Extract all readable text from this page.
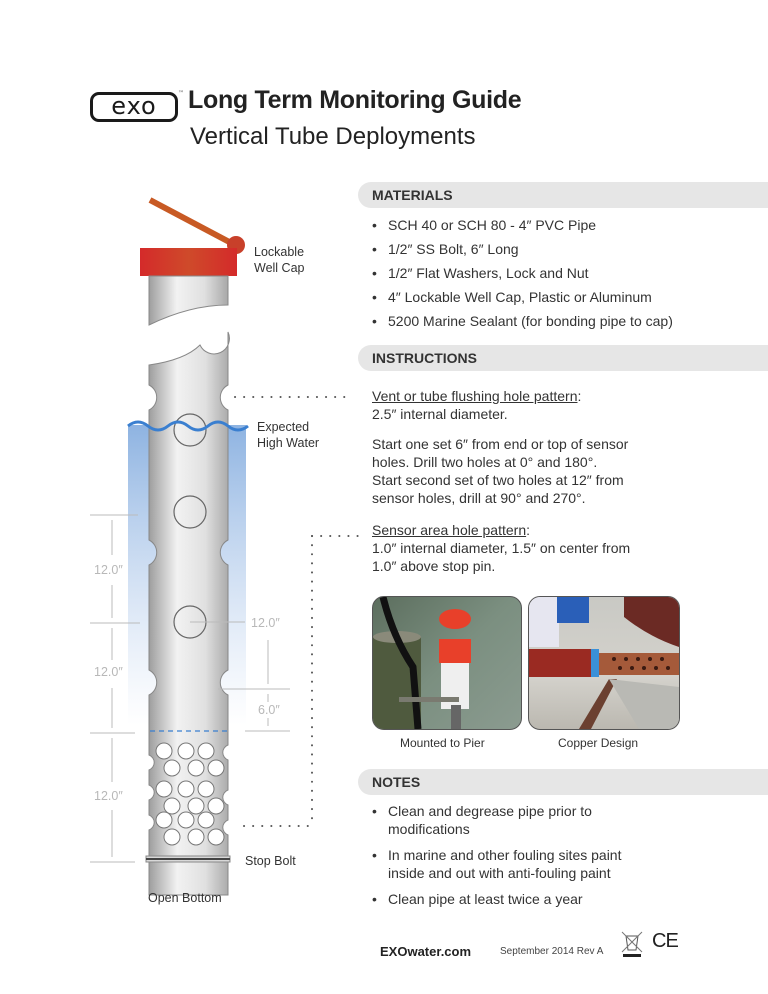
exo	™ Long Term Monitoring Guide
Vertical Tube Deployments
Lockable
Well Cap
Expected
High Water
Stop Bolt
Open Bottom
12.0″
12.0″
12.0″
12.0″
6.0″
MATERIALS
• SCH 40 or SCH 80 - 4″ PVC Pipe
• 1/2″ SS Bolt, 6″ Long
• 1/2″ Flat Washers, Lock and Nut
• 4″ Lockable Well Cap, Plastic or Aluminum
• 5200 Marine Sealant (for bonding pipe to cap)
INSTRUCTIONS
Vent or tube flushing hole pattern:
2.5″ internal diameter.
Start one set 6″ from end or top of sensor
holes. Drill two holes at 0° and 180°.
Start second set of two holes at 12″ from
sensor holes, drill at 90° and 270°.
Sensor area hole pattern:
1.0″ internal diameter, 1.5″ on center from
1.0″ above stop pin.
Mounted to Pier	Copper Design
NOTES
• Clean and degrease pipe prior to
modifications
• In marine and other fouling sites paint
inside and out with anti-fouling paint
• Clean pipe at least twice a year
EXOwater.com	September 2014 Rev A CE
